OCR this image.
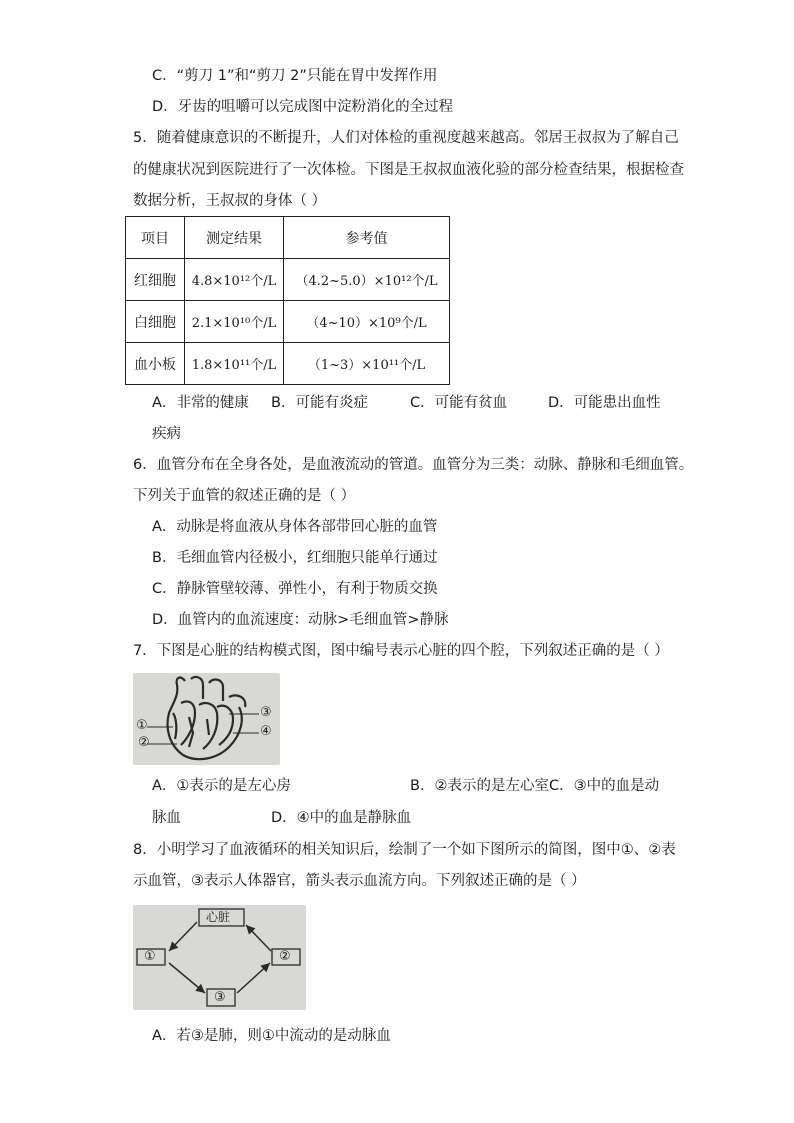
C．“剪刀 1”和“剪刀 2”只能在胃中发挥作用
D．牙齿的咀嚼可以完成图中淀粉消化的全过程
5．随着健康意识的不断提升，人们对体检的重视度越来越高。邻居王叔叔为了解自己
的健康状况到医院进行了一次体检。下图是王叔叔血液化验的部分检查结果，根据检查
数据分析，王叔叔的身体（ ）
项目	测定结果	参考值
红细胞	4.8×10¹²个/L	（4.2~5.0）×10¹²个/L
白细胞	2.1×10¹⁰个/L	（4~10）×10⁹个/L
血小板	1.8×10¹¹个/L	（1~3）×10¹¹个/L
A．非常的健康 B．可能有炎症	C．可能有贫血	D．可能患出血性
疾病
6．血管分布在全身各处，是血液流动的管道。血管分为三类：动脉、静脉和毛细血管。
下列关于血管的叙述正确的是（ ）
A．动脉是将血液从身体各部带回心脏的血管
B．毛细血管内径极小，红细胞只能单行通过
C．静脉管壁较薄、弹性小，有利于物质交换
D．血管内的血流速度：动脉>毛细血管>静脉
7．下图是心脏的结构模式图，图中编号表示心脏的四个腔，下列叙述正确的是（ ）
①
②
③
④
A．①表示的是左心房	B．②表示的是左心室C．③中的血是动
脉血	D．④中的血是静脉血
8．小明学习了血液循环的相关知识后，绘制了一个如下图所示的简图，图中①、②表
示血管，③表示人体器官，箭头表示血流方向。下列叙述正确的是（ ）
心脏
①	②
③
A．若③是肺，则①中流动的是动脉血
